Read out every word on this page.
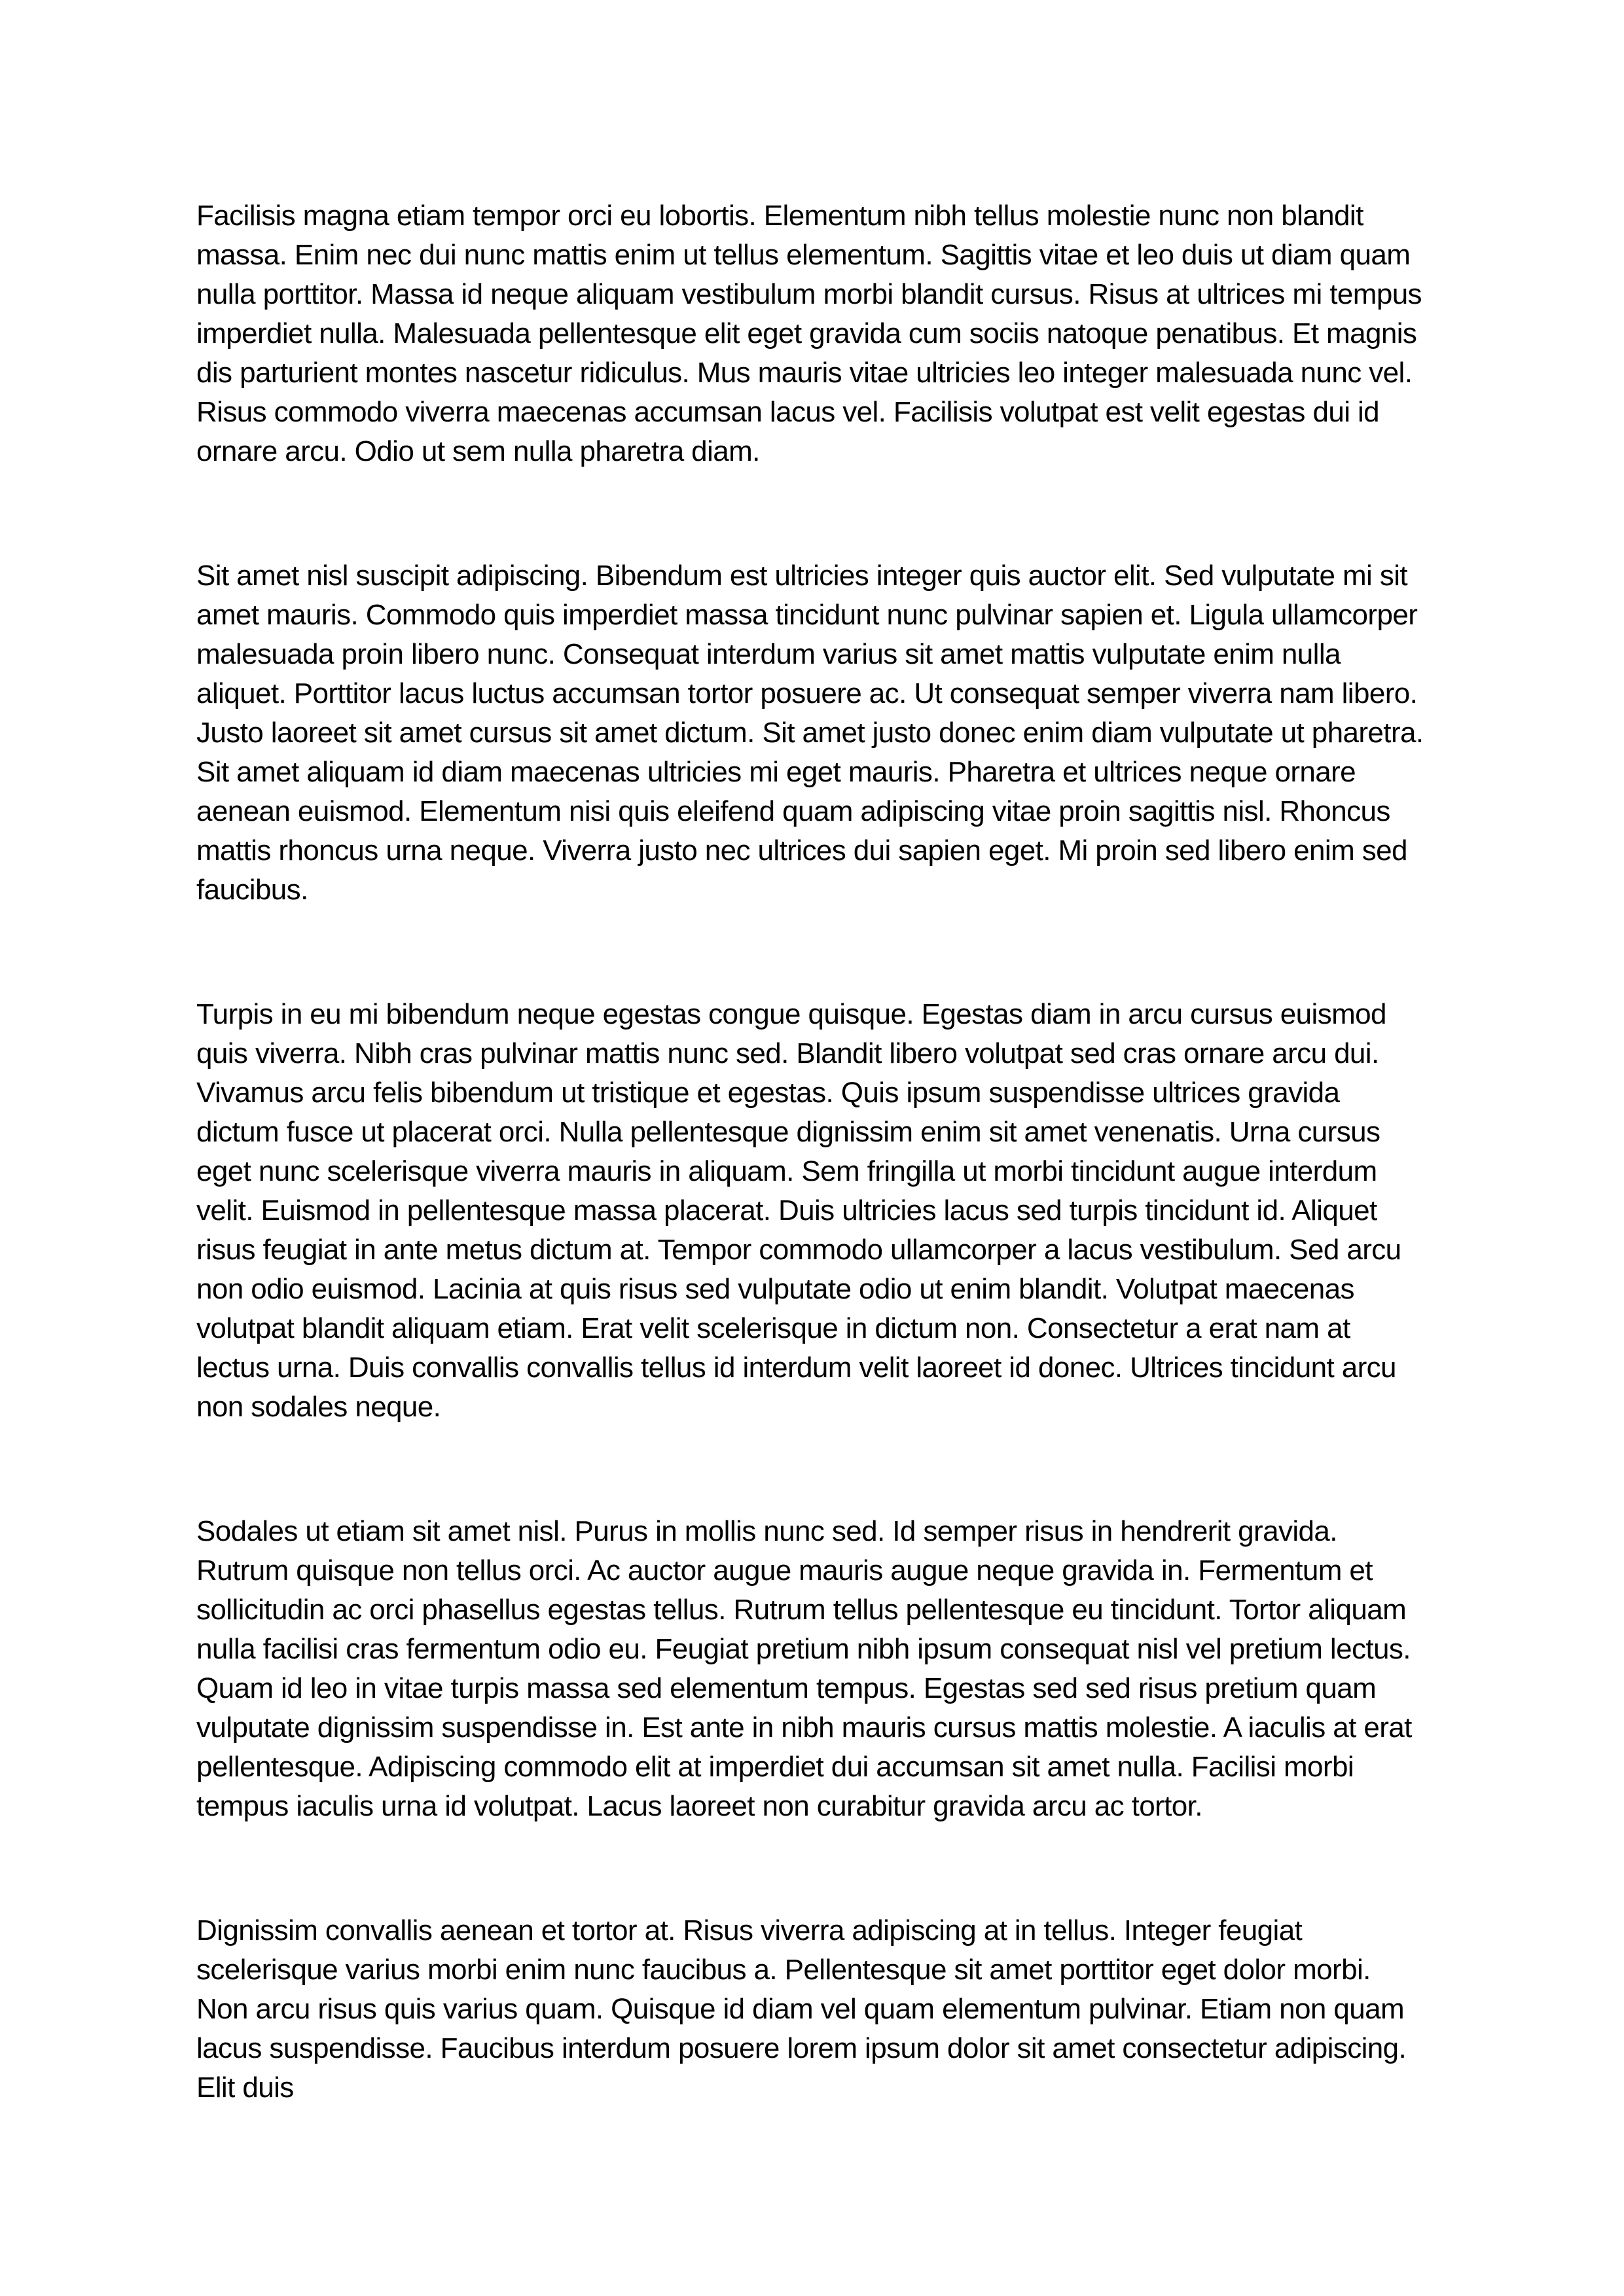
Facilisis magna etiam tempor orci eu lobortis. Elementum nibh tellus molestie nunc non blandit massa. Enim nec dui nunc mattis enim ut tellus elementum. Sagittis vitae et leo duis ut diam quam nulla porttitor. Massa id neque aliquam vestibulum morbi blandit cursus. Risus at ultrices mi tempus imperdiet nulla. Malesuada pellentesque elit eget gravida cum sociis natoque penatibus. Et magnis dis parturient montes nascetur ridiculus. Mus mauris vitae ultricies leo integer malesuada nunc vel. Risus commodo viverra maecenas accumsan lacus vel. Facilisis volutpat est velit egestas dui id ornare arcu. Odio ut sem nulla pharetra diam.

Sit amet nisl suscipit adipiscing. Bibendum est ultricies integer quis auctor elit. Sed vulputate mi sit amet mauris. Commodo quis imperdiet massa tincidunt nunc pulvinar sapien et. Ligula ullamcorper malesuada proin libero nunc. Consequat interdum varius sit amet mattis vulputate enim nulla aliquet. Porttitor lacus luctus accumsan tortor posuere ac. Ut consequat semper viverra nam libero. Justo laoreet sit amet cursus sit amet dictum. Sit amet justo donec enim diam vulputate ut pharetra. Sit amet aliquam id diam maecenas ultricies mi eget mauris. Pharetra et ultrices neque ornare aenean euismod. Elementum nisi quis eleifend quam adipiscing vitae proin sagittis nisl. Rhoncus mattis rhoncus urna neque. Viverra justo nec ultrices dui sapien eget. Mi proin sed libero enim sed faucibus.

Turpis in eu mi bibendum neque egestas congue quisque. Egestas diam in arcu cursus euismod quis viverra. Nibh cras pulvinar mattis nunc sed. Blandit libero volutpat sed cras ornare arcu dui. Vivamus arcu felis bibendum ut tristique et egestas. Quis ipsum suspendisse ultrices gravida dictum fusce ut placerat orci. Nulla pellentesque dignissim enim sit amet venenatis. Urna cursus eget nunc scelerisque viverra mauris in aliquam. Sem fringilla ut morbi tincidunt augue interdum velit. Euismod in pellentesque massa placerat. Duis ultricies lacus sed turpis tincidunt id. Aliquet risus feugiat in ante metus dictum at. Tempor commodo ullamcorper a lacus vestibulum. Sed arcu non odio euismod. Lacinia at quis risus sed vulputate odio ut enim blandit. Volutpat maecenas volutpat blandit aliquam etiam. Erat velit scelerisque in dictum non. Consectetur a erat nam at lectus urna. Duis convallis convallis tellus id interdum velit laoreet id donec. Ultrices tincidunt arcu non sodales neque.

Sodales ut etiam sit amet nisl. Purus in mollis nunc sed. Id semper risus in hendrerit gravida. Rutrum quisque non tellus orci. Ac auctor augue mauris augue neque gravida in. Fermentum et sollicitudin ac orci phasellus egestas tellus. Rutrum tellus pellentesque eu tincidunt. Tortor aliquam nulla facilisi cras fermentum odio eu. Feugiat pretium nibh ipsum consequat nisl vel pretium lectus. Quam id leo in vitae turpis massa sed elementum tempus. Egestas sed sed risus pretium quam vulputate dignissim suspendisse in. Est ante in nibh mauris cursus mattis molestie. A iaculis at erat pellentesque. Adipiscing commodo elit at imperdiet dui accumsan sit amet nulla. Facilisi morbi tempus iaculis urna id volutpat. Lacus laoreet non curabitur gravida arcu ac tortor.

Dignissim convallis aenean et tortor at. Risus viverra adipiscing at in tellus. Integer feugiat scelerisque varius morbi enim nunc faucibus a. Pellentesque sit amet porttitor eget dolor morbi. Non arcu risus quis varius quam. Quisque id diam vel quam elementum pulvinar. Etiam non quam lacus suspendisse. Faucibus interdum posuere lorem ipsum dolor sit amet consectetur adipiscing. Elit duis
